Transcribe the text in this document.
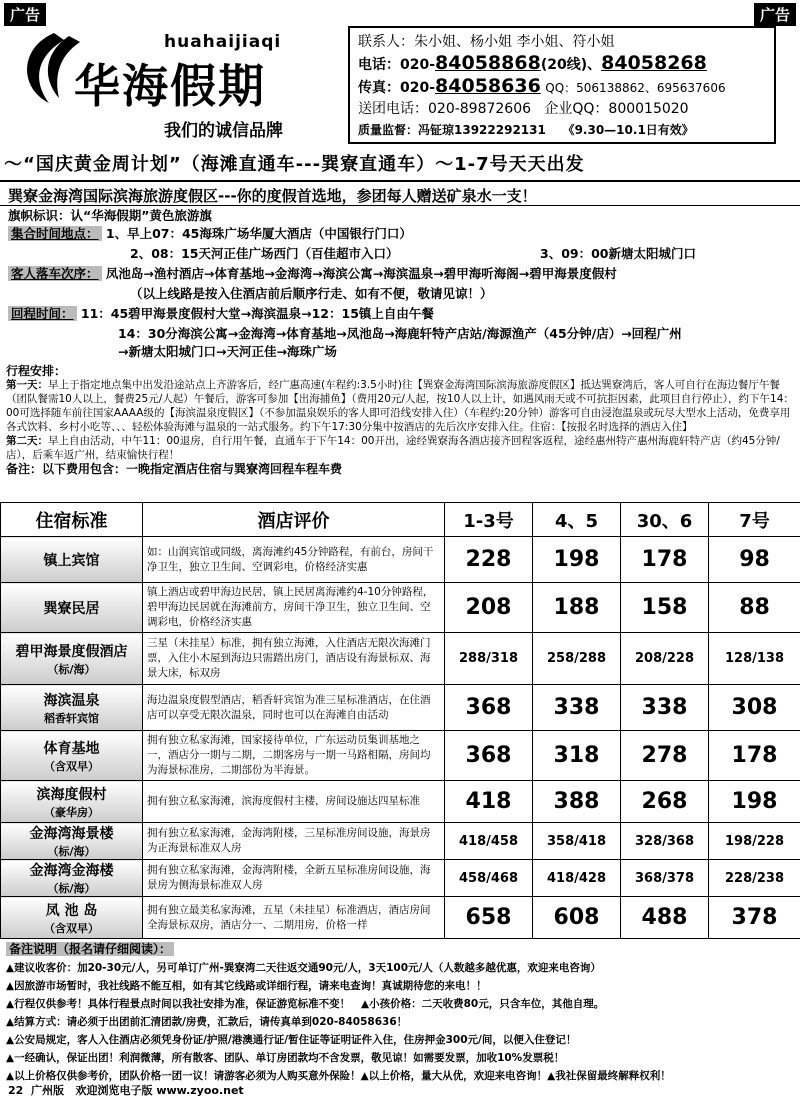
广告	广告
huahaijiaqi
华海假期
我们的诚信品牌
联系人：朱小姐、杨小姐 李小姐、符小姐
电话：020-84058868(20线)、84058268
传真：020-84058636 QQ：506138862、695637606
送团电话：020-89872606 企业QQ：800015020
质量监督：冯钲琼13922292131 《9.30—10.1日有效》
～“国庆黄金周计划”（海滩直通车---巽寮直通车）～1-7号天天出发
巽寮金海湾国际滨海旅游度假区---你的度假首选地，参团每人赠送矿泉水一支！
旗帜标识：认“华海假期”黄色旅游旗
集合时间地点： 1、早上07：45海珠广场华厦大酒店（中国银行门口）
2、08：15天河正佳广场西门（百佳超市入口）	3、09：00新塘太阳城门口
客人落车次序： 凤池岛→渔村酒店→体育基地→金海湾→海滨公寓→海滨温泉→碧甲海听海阁→碧甲海景度假村
（以上线路是按入住酒店前后顺序行走、如有不便，敬请见谅！）
回程时间： 11：45碧甲海景度假村大堂→海滨温泉→12：15镇上自由午餐
14：30分海滨公寓→金海湾→体育基地→凤池岛→海鹿轩特产店站/海源渔产（45分钟/店）→回程广州
→新塘太阳城门口→天河正佳→海珠广场
行程安排：

第一天：早上于指定地点集中出发沿途站点上齐游客后，经广惠高速(车程约:3.5小时)往【巽寮金海湾国际滨海旅游度假区】抵达巽寮湾后，客人可自行在海边餐厅午餐（团队餐需10人以上，餐费25元/人起）午餐后，游客可参加【出海捕鱼】（费用20元/人起，按10人以上计，如遇风雨天或不可抗拒因素，此项目自行停止），约下午14：00可选择随车前往国家AAAA级的【海滨温泉度假区】（不参加温泉娱乐的客人即可沿线安排入住）（车程约:20分钟）游客可自由浸泡温泉或玩尽大型水上活动，免费享用各式饮料、乡村小吃等、、、轻松体验海滩与温泉的一站式服务。约下午17:30分集中按酒店的先后次序安排入住。住宿：【按报名时选择的酒店入住】

第二天：早上自由活动，中午11：00退房，自行用午餐，直通车于下午14：00开出，途经巽寮海各酒店接齐回程客返程，途经惠州特产惠州海鹿轩特产店（约45分钟/店），后乘车返广州，结束愉快行程！

备注：以下费用包含：一晚指定酒店住宿与巽寮湾回程车程车费

住宿标准	酒店评价	1-3号	4、5	30、6	7号
镇上宾馆	如：山润宾馆或同级，离海滩约45分钟路程，有前台，房间干净卫生，独立卫生间、空调彩电，价格经济实惠	228	198	178	98
巽寮民居	镇上酒店或碧甲海边民居，镇上民居离海滩约4-10分钟路程，碧甲海边民居就在海滩前方，房间干净卫生，独立卫生间、空调彩电，价格经济实惠	208	188	158	88
碧甲海景度假酒店
（标/海）	三星（未挂星）标准，拥有独立海滩，入住酒店无限次海滩门票，入住小木屋到海边只需踏出房门，酒店设有海景标双、海景大床，标双房	288/318	258/288	208/228	128/138
海滨温泉
稻香轩宾馆	海边温泉度假型酒店，稻香轩宾馆为准三星标准酒店，在住酒店可以享受无限次温泉，同时也可以在海滩自由活动	368	338	338	308
体育基地
（含双早）	拥有独立私家海滩，国家接待单位，广东运动员集训基地之一，酒店分一期与二期，二期客房与一期一马路相隔，房间均为海景标准房，二期部份为半海景。	368	318	278	178
滨海度假村
（豪华房）	拥有独立私家海滩，滨海度假村主楼，房间设施达四星标准	418	388	268	198
金海湾海景楼
（标/海）	拥有独立私家海滩，金海湾附楼，三星标准房间设施，海景房为正海景标准双人房	418/458	358/418	328/368	198/228
金海湾金海楼
（标/海）	拥有独立私家海滩，金海湾附楼，全新五星标准房间设施，海景房为侧海景标准双人房	458/468	418/428	368/378	228/238
凤 池 岛
（含双早）	拥有独立最美私家海滩，五星（未挂星）标准酒店，酒店房间全海景标双房，酒店分一、二期用房，价格一样	658	608	488	378
备注说明（报名请仔细阅读）：
▲建议收客价：加20-30元/人，另可单订广州-巽寮湾二天往返交通90元/人，3天100元/人（人数越多越优惠，欢迎来电咨询）
▲因旅游市场暂时，我社线路不能互相，如有其它线路或详细行程，请来电查询！真诚期待您的来电！！
▲行程仅供参考！具体行程景点时间以我社安排为准，保证游览标准不变！ ▲小孩价格：二天收费80元，只含车位，其他自理。
▲结算方式：请必须于出团前汇清团款/房费，汇款后，请传真单到020-84058636！
▲公安局规定，客人入住酒店必须凭身份证/护照/港澳通行证/暂住证等证明证件入住，住房押金300元/间，以便入住登记！
▲一经确认，保证出团！利润微薄，所有散客、团队、单订房团款均不含发票，敬见谅！如需要发票，加收10%发票税！
▲以上价格仅供参考价，团队价格一团一议！请游客必须为人购买意外保险！▲以上价格，量大从优，欢迎来电咨询！▲我社保留最终解释权利！
22 广州版 欢迎浏览电子版 www.zyoo.net
